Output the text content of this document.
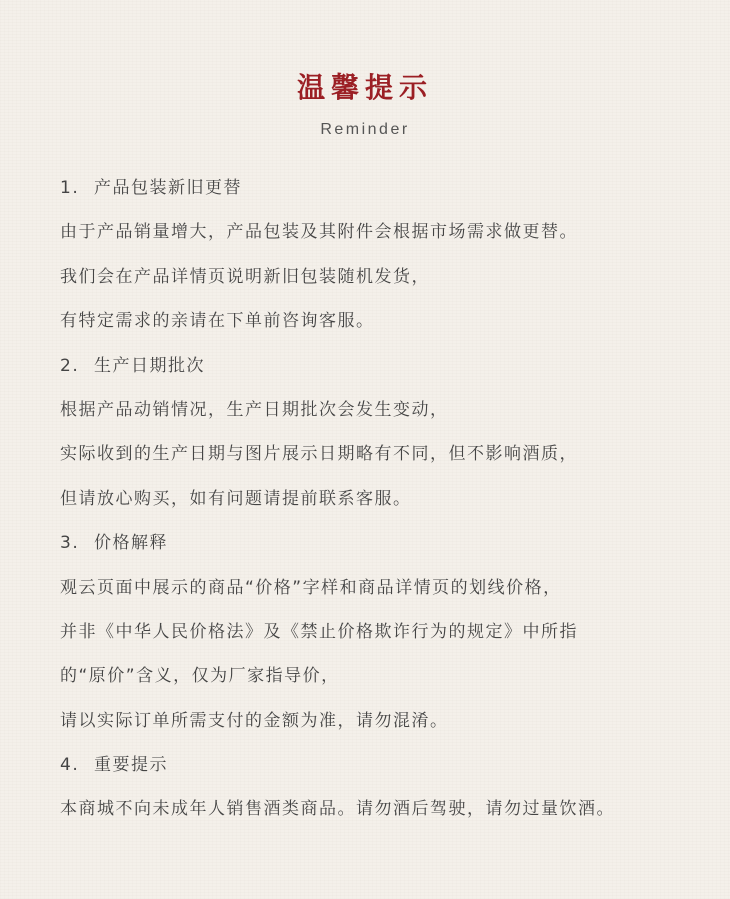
温馨提示
Reminder
1. 产品包装新旧更替
由于产品销量增大，产品包装及其附件会根据市场需求做更替。
我们会在产品详情页说明新旧包装随机发货，
有特定需求的亲请在下单前咨询客服。
2. 生产日期批次
根据产品动销情况，生产日期批次会发生变动，
实际收到的生产日期与图片展示日期略有不同，但不影响酒质，
但请放心购买，如有问题请提前联系客服。
3. 价格解释
观云页面中展示的商品“价格”字样和商品详情页的划线价格，
并非《中华人民价格法》及《禁止价格欺诈行为的规定》中所指
的“原价”含义，仅为厂家指导价，
请以实际订单所需支付的金额为准，请勿混淆。
4. 重要提示
本商城不向未成年人销售酒类商品。请勿酒后驾驶，请勿过量饮酒。
